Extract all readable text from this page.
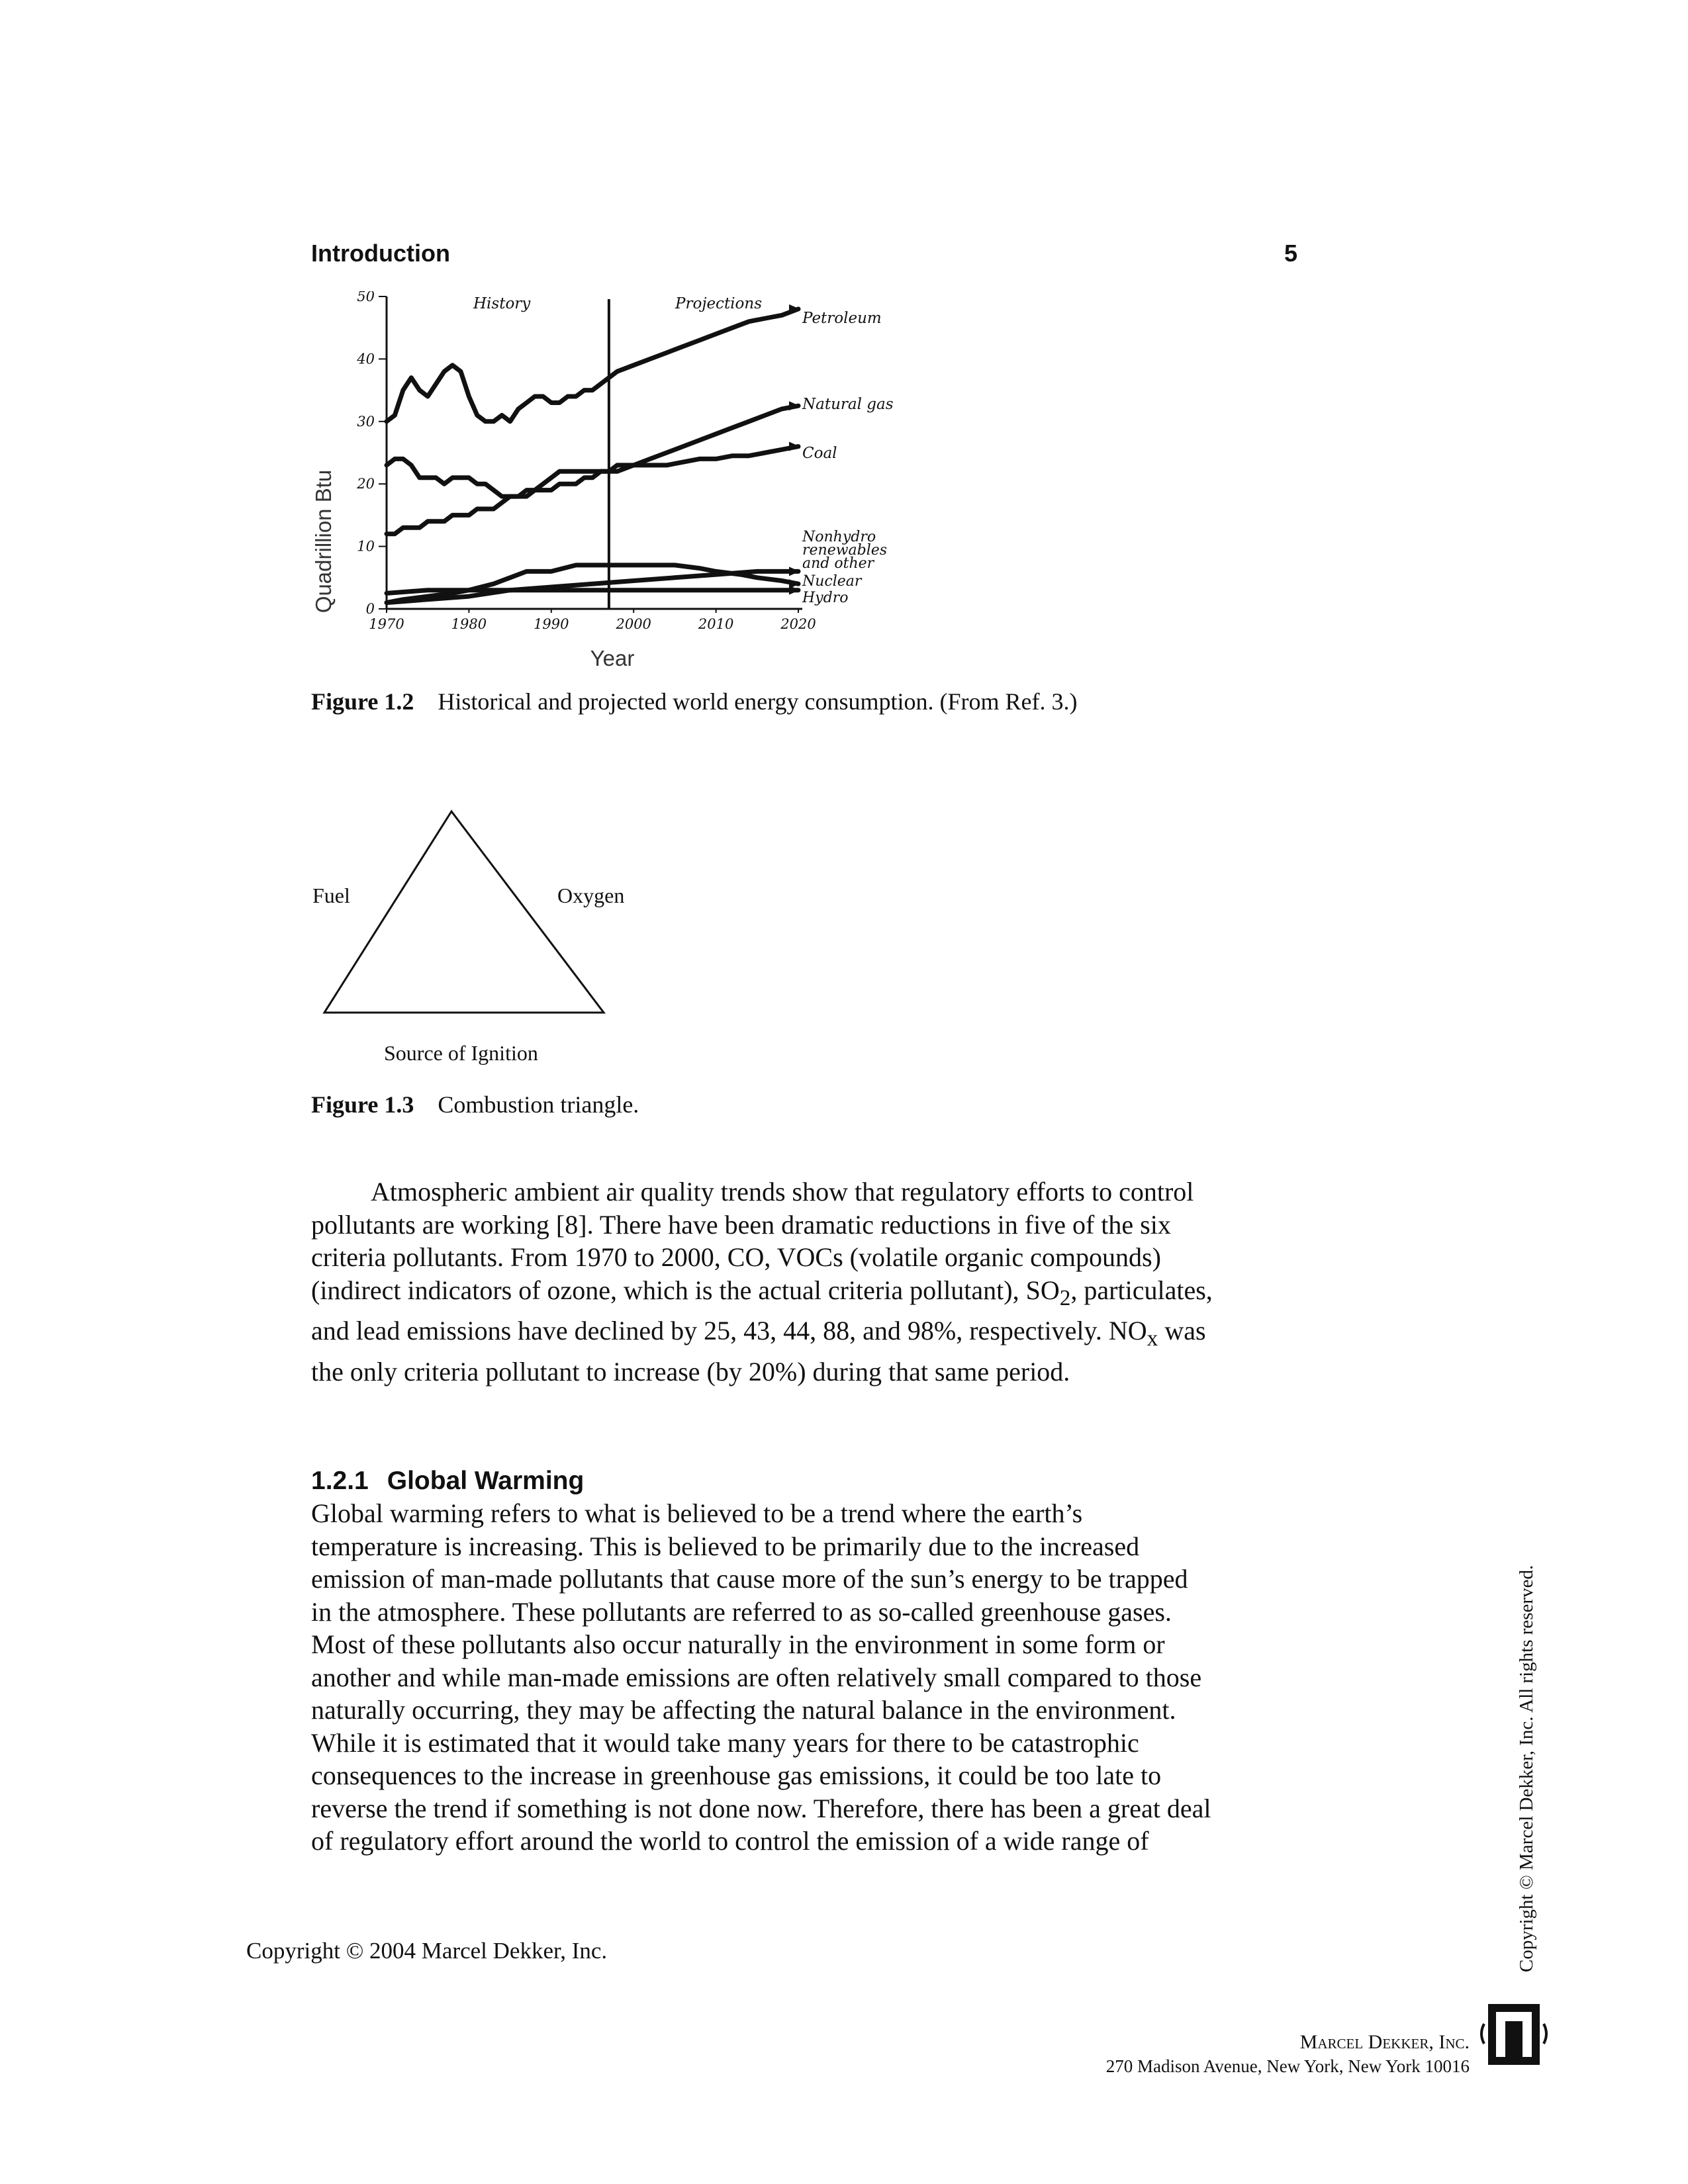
Introduction	5
0
10
20
30
40
50
1970	1980	1990	2000	2010	2020
History	Projections
Petroleum
Natural gas
Coal
Nonhydro
renewables
and other
Nuclear
Hydro
Quadrillion Btu
Year
Figure 1.2 Historical and projected world energy consumption. (From Ref. 3.)
Fuel	Oxygen
Source of Ignition
Figure 1.3 Combustion triangle.

Atmospheric ambient air quality trends show that regulatory efforts to control

pollutants are working [8]. There have been dramatic reductions in five of the six

criteria pollutants. From 1970 to 2000, CO, VOCs (volatile organic compounds)

(indirect indicators of ozone, which is the actual criteria pollutant), $SO_2$, particulates,

and lead emissions have declined by 25, 43, 44, 88, and 98%, respectively. $NO_x$ was

the only criteria pollutant to increase (by 20%) during that same period.

1.2.1 Global Warming

Global warming refers to what is believed to be a trend where the earth’s

temperature is increasing. This is believed to be primarily due to the increased

emission of man-made pollutants that cause more of the sun’s energy to be trapped

in the atmosphere. These pollutants are referred to as so-called greenhouse gases.

Most of these pollutants also occur naturally in the environment in some form or

another and while man-made emissions are often relatively small compared to those

naturally occurring, they may be affecting the natural balance in the environment.

While it is estimated that it would take many years for there to be catastrophic

consequences to the increase in greenhouse gas emissions, it could be too late to

reverse the trend if something is not done now. Therefore, there has been a great deal

of regulatory effort around the world to control the emission of a wide range of

Copyright © 2004 Marcel Dekker, Inc.	Copyright © Marcel Dekker, Inc. All rights reserved.
Marcel Dekker, Inc.
270 Madison Avenue, New York, New York 10016
